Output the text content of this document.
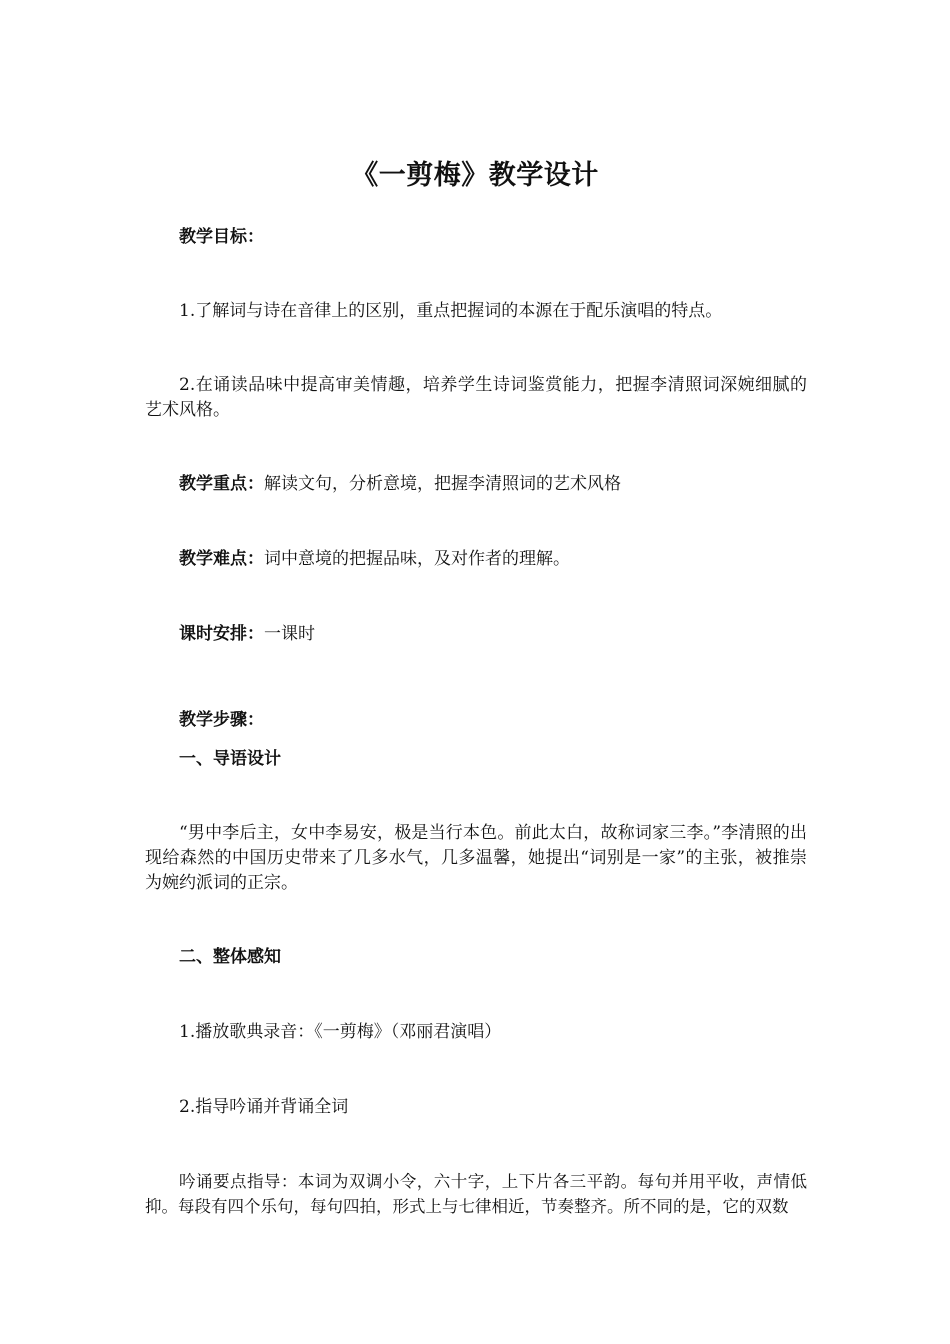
《一剪梅》教学设计
教学目标：
1.了解词与诗在音律上的区别，重点把握词的本源在于配乐演唱的特点。
2.在诵读品味中提高审美情趣，培养学生诗词鉴赏能力，把握李清照词深婉细腻的艺术风格。
教学重点：解读文句，分析意境，把握李清照词的艺术风格
教学难点：词中意境的把握品味，及对作者的理解。
课时安排：一课时
教学步骤：
一、导语设计
“男中李后主，女中李易安，极是当行本色。前此太白，故称词家三李。”李清照的出现给森然的中国历史带来了几多水气，几多温馨，她提出“词别是一家”的主张，被推崇为婉约派词的正宗。
二、整体感知
1.播放歌典录音：《一剪梅》（邓丽君演唱）
2.指导吟诵并背诵全词
吟诵要点指导：本词为双调小令，六十字，上下片各三平韵。每句并用平收，声情低抑。每段有四个乐句，每句四拍，形式上与七律相近，节奏整齐。所不同的是，它的双数
